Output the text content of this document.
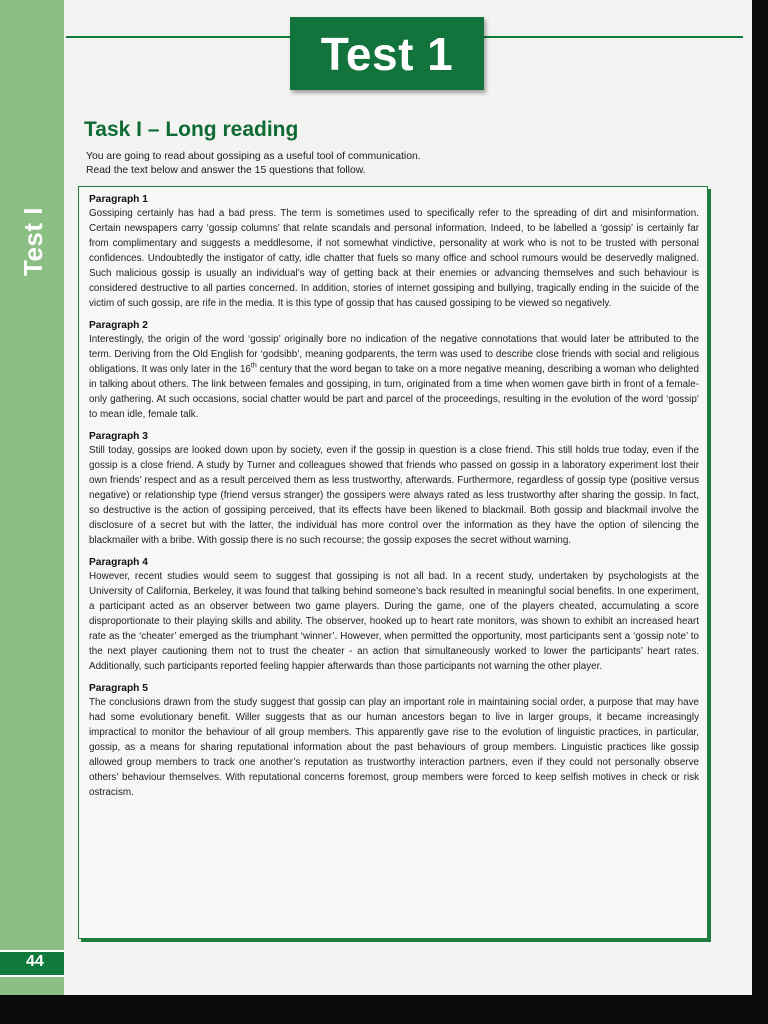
Test I
44
Test 1
Task I – Long reading

You are going to read about gossiping as a useful tool of communication.

Read the text below and answer the 15 questions that follow.

Paragraph 1

Gossiping certainly has had a bad press. The term is sometimes used to specifically refer to the spreading of dirt and misinformation. Certain newspapers carry ‘gossip columns’ that relate scandals and personal information. Indeed, to be labelled a ‘gossip’ is certainly far from complimentary and suggests a meddlesome, if not somewhat vindictive, personality at work who is not to be trusted with personal confidences. Undoubtedly the instigator of catty, idle chatter that fuels so many office and school rumours would be deservedly maligned. Such malicious gossip is usually an individual’s way of getting back at their enemies or advancing themselves and such behaviour is considered destructive to all parties concerned. In addition, stories of internet gossiping and bullying, tragically ending in the suicide of the victim of such gossip, are rife in the media. It is this type of gossip that has caused gossiping to be viewed so negatively.

Paragraph 2

Interestingly, the origin of the word ‘gossip’ originally bore no indication of the negative connotations that would later be attributed to the term. Deriving from the Old English for ‘godsibb’, meaning godparents, the term was used to describe close friends with social and religious obligations. It was only later in the 16th century that the word began to take on a more negative meaning, describing a woman who delighted in talking about others. The link between females and gossiping, in turn, originated from a time when women gave birth in front of a female-only gathering. At such occasions, social chatter would be part and parcel of the proceedings, resulting in the evolution of the word ‘gossip’ to mean idle, female talk.

Paragraph 3

Still today, gossips are looked down upon by society, even if the gossip in question is a close friend. This still holds true today, even if the gossip is a close friend. A study by Turner and colleagues showed that friends who passed on gossip in a laboratory experiment lost their own friends’ respect and as a result perceived them as less trustworthy, afterwards. Furthermore, regardless of gossip type (positive versus negative) or relationship type (friend versus stranger) the gossipers were always rated as less trustworthy after sharing the gossip. In fact, so destructive is the action of gossiping perceived, that its effects have been likened to blackmail. Both gossip and blackmail involve the disclosure of a secret but with the latter, the individual has more control over the information as they have the option of silencing the blackmailer with a bribe. With gossip there is no such recourse; the gossip exposes the secret without warning.

Paragraph 4

However, recent studies would seem to suggest that gossiping is not all bad. In a recent study, undertaken by psychologists at the University of California, Berkeley, it was found that talking behind someone’s back resulted in meaningful social benefits. In one experiment, a participant acted as an observer between two game players. During the game, one of the players cheated, accumulating a score disproportionate to their playing skills and ability. The observer, hooked up to heart rate monitors, was shown to exhibit an increased heart rate as the ‘cheater’ emerged as the triumphant ‘winner’. However, when permitted the opportunity, most participants sent a ‘gossip note’ to the next player cautioning them not to trust the cheater - an action that simultaneously worked to lower the participants’ heart rates. Additionally, such participants reported feeling happier afterwards than those participants not warning the other player.

Paragraph 5

The conclusions drawn from the study suggest that gossip can play an important role in maintaining social order, a purpose that may have had some evolutionary benefit. Willer suggests that as our human ancestors began to live in larger groups, it became increasingly impractical to monitor the behaviour of all group members. This apparently gave rise to the evolution of linguistic practices, in particular, gossip, as a means for sharing reputational information about the past behaviours of group members. Linguistic practices like gossip allowed group members to track one another’s reputation as trustworthy interaction partners, even if they could not personally observe others’ behaviour themselves. With reputational concerns foremost, group members were forced to keep selfish motives in check or risk ostracism.
